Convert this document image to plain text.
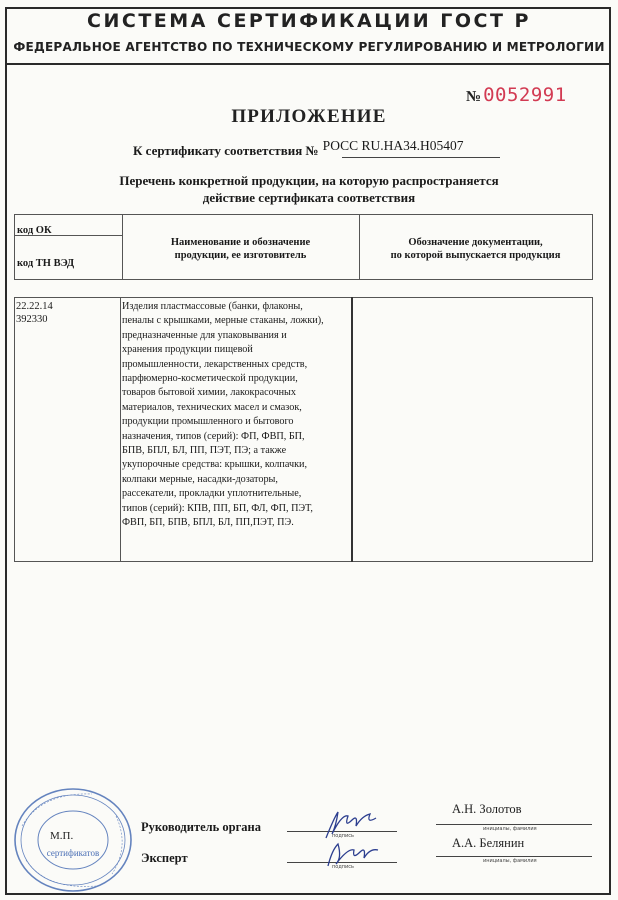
СИСТЕМА СЕРТИФИКАЦИИ ГОСТ Р
ФЕДЕРАЛЬНОЕ АГЕНТСТВО ПО ТЕХНИЧЕСКОМУ РЕГУЛИРОВАНИЮ И МЕТРОЛОГИИ
№ 0052991
ПРИЛОЖЕНИЕ
К сертификату соответствия № РОСС RU.HA34.H05407
Перечень конкретной продукции, на которую распространяется
действие сертификата соответствия
код ОК
код ТН ВЭД
Наименование и обозначение
продукции, ее изготовитель
Обозначение документации,
по которой выпускается продукция
22.22.14
392330
Изделия пластмассовые (банки, флаконы,
пеналы с крышками, мерные стаканы, ложки),
предназначенные для упаковывания и
хранения продукции пищевой
промышленности, лекарственных средств,
парфюмерно-косметической продукции,
товаров бытовой химии, лакокрасочных
материалов, технических масел и смазок,
продукции промышленного и бытового
назначения, типов (серий): ФП, ФВП, БП,
БПВ, БПЛ, БЛ, ПП, ПЭТ, ПЭ; а также
укупорочные средства: крышки, колпачки,
колпаки мерные, насадки-дозаторы,
рассекатели, прокладки уплотнительные,
типов (серий): КПВ, ПП, БП, ФЛ, ФП, ПЭТ,
ФВП, БП, БПВ, БПЛ, БЛ, ПП,ПЭТ, ПЭ.
сертификатов
М.П.
Руководитель органа
подпись
А.Н. Золотов
инициалы, фамилия
Эксперт
подпись
А.А. Белянин
инициалы, фамилия
